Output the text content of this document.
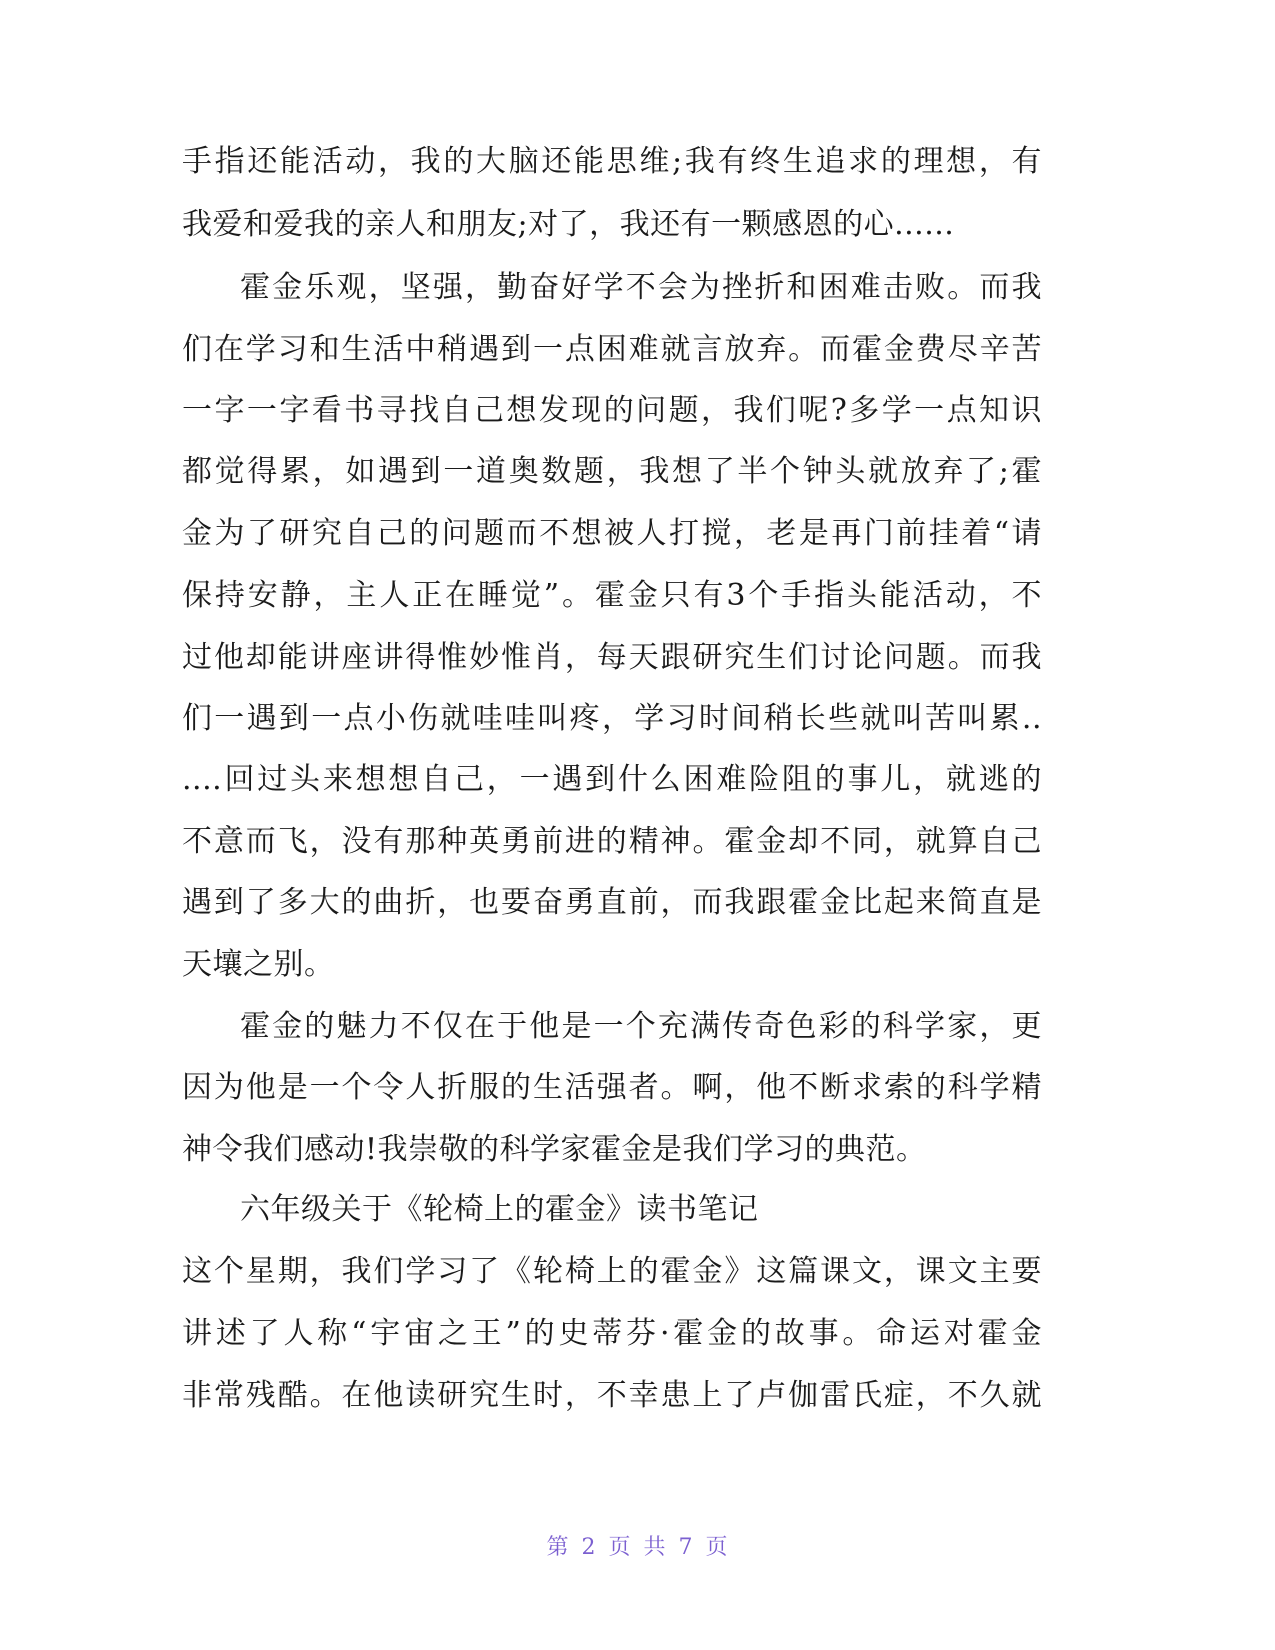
手指还能活动，我的大脑还能思维;我有终生追求的理想，有
我爱和爱我的亲人和朋友;对了，我还有一颗感恩的心......
霍金乐观，坚强，勤奋好学不会为挫折和困难击败。而我
们在学习和生活中稍遇到一点困难就言放弃。而霍金费尽辛苦
一字一字看书寻找自己想发现的问题，我们呢?多学一点知识
都觉得累，如遇到一道奥数题，我想了半个钟头就放弃了;霍
金为了研究自己的问题而不想被人打搅，老是再门前挂着“请
保持安静，主人正在睡觉”。霍金只有3个手指头能活动，不
过他却能讲座讲得惟妙惟肖，每天跟研究生们讨论问题。而我
们一遇到一点小伤就哇哇叫疼，学习时间稍长些就叫苦叫累..
....回过头来想想自己，一遇到什么困难险阻的事儿，就逃的
不意而飞，没有那种英勇前进的精神。霍金却不同，就算自己
遇到了多大的曲折，也要奋勇直前，而我跟霍金比起来简直是
天壤之别。
霍金的魅力不仅在于他是一个充满传奇色彩的科学家，更
因为他是一个令人折服的生活强者。啊，他不断求索的科学精
神令我们感动!我崇敬的科学家霍金是我们学习的典范。
六年级关于《轮椅上的霍金》读书笔记
这个星期，我们学习了《轮椅上的霍金》这篇课文，课文主要
讲述了人称“宇宙之王”的史蒂芬·霍金的故事。命运对霍金
非常残酷。在他读研究生时，不幸患上了卢伽雷氏症，不久就
第 2 页 共 7 页
